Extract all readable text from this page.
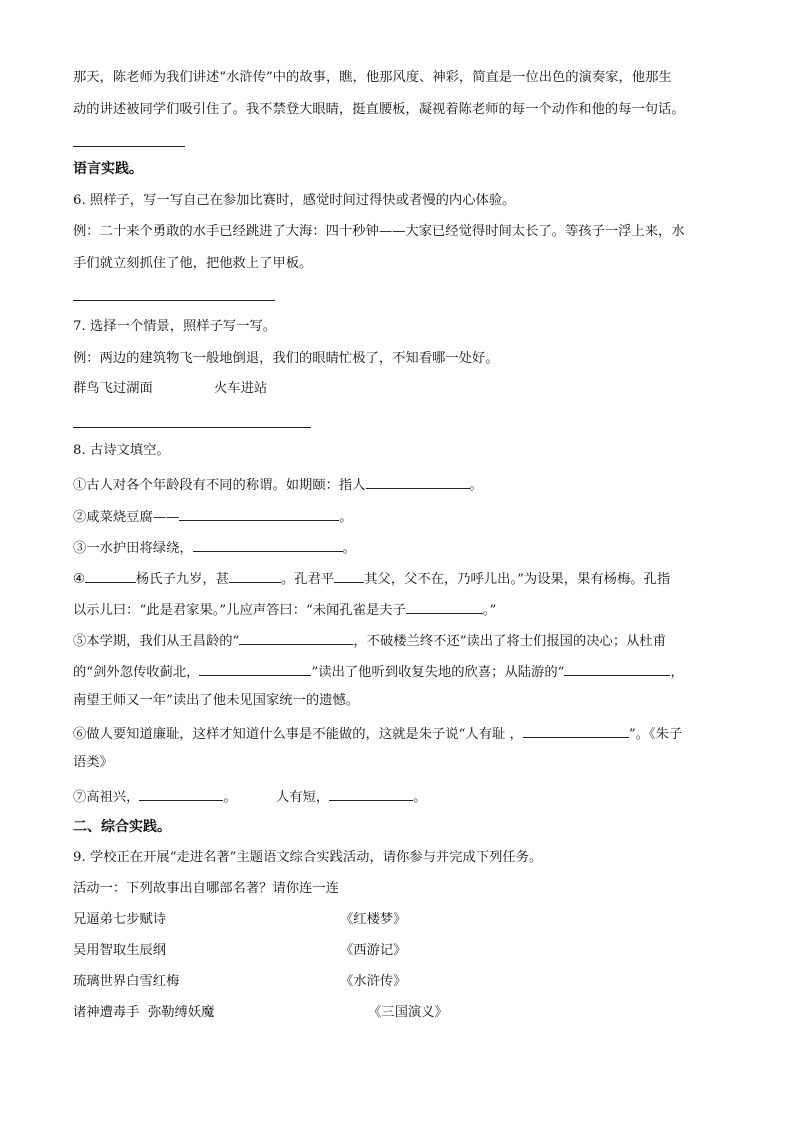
那天，陈老师为我们讲述“水浒传”中的故事，瞧，他那风度、神彩，简直是一位出色的演奏家，他那生
动的讲述被同学们吸引住了。我不禁登大眼睛，挺直腰板，凝视着陈老师的每一个动作和他的每一句话。
语言实践。
6. 照样子，写一写自己在参加比赛时，感觉时间过得快或者慢的内心体验。
例：二十来个勇敢的水手已经跳进了大海：四十秒钟——大家已经觉得时间太长了。等孩子一浮上来，水
手们就立刻抓住了他，把他救上了甲板。
7. 选择一个情景，照样子写一写。
例：两边的建筑物飞一般地倒退，我们的眼睛忙极了，不知看哪一处好。
群鸟飞过湖面	火车进站
8. 古诗文填空。
①古人对各个年龄段有不同的称谓。如期颐：指人	。
②咸菜烧豆腐——	。
③一水护田将绿绕，	。
④	杨氏子九岁，甚	。孔君平 其父，父不在，乃呼儿出。”为设果，果有杨梅。孔指
以示儿曰：“此是君家果。”儿应声答曰：“未闻孔雀是夫子	。”
⑤本学期，我们从王昌龄的“	，不破楼兰终不还”读出了将士们报国的决心；从杜甫
的“剑外忽传收蓟北，	”读出了他听到收复失地的欣喜；从陆游的“	，
南望王师又一年”读出了他未见国家统一的遗憾。
⑥做人要知道廉耻，这样才知道什么事是不能做的，这就是朱子说“人有耻 ，	”。《朱子
语类》
⑦高祖兴，	。	人有短，	。
二、综合实践。
9. 学校正在开展“走进名著”主题语文综合实践活动，请你参与并完成下列任务。
活动一：下列故事出自哪部名著？请你连一连
兄逼弟七步赋诗	《红楼梦》
吴用智取生辰纲	《西游记》
琉璃世界白雪红梅	《水浒传》
诸神遭毒手  弥勒缚妖魔	《三国演义》
